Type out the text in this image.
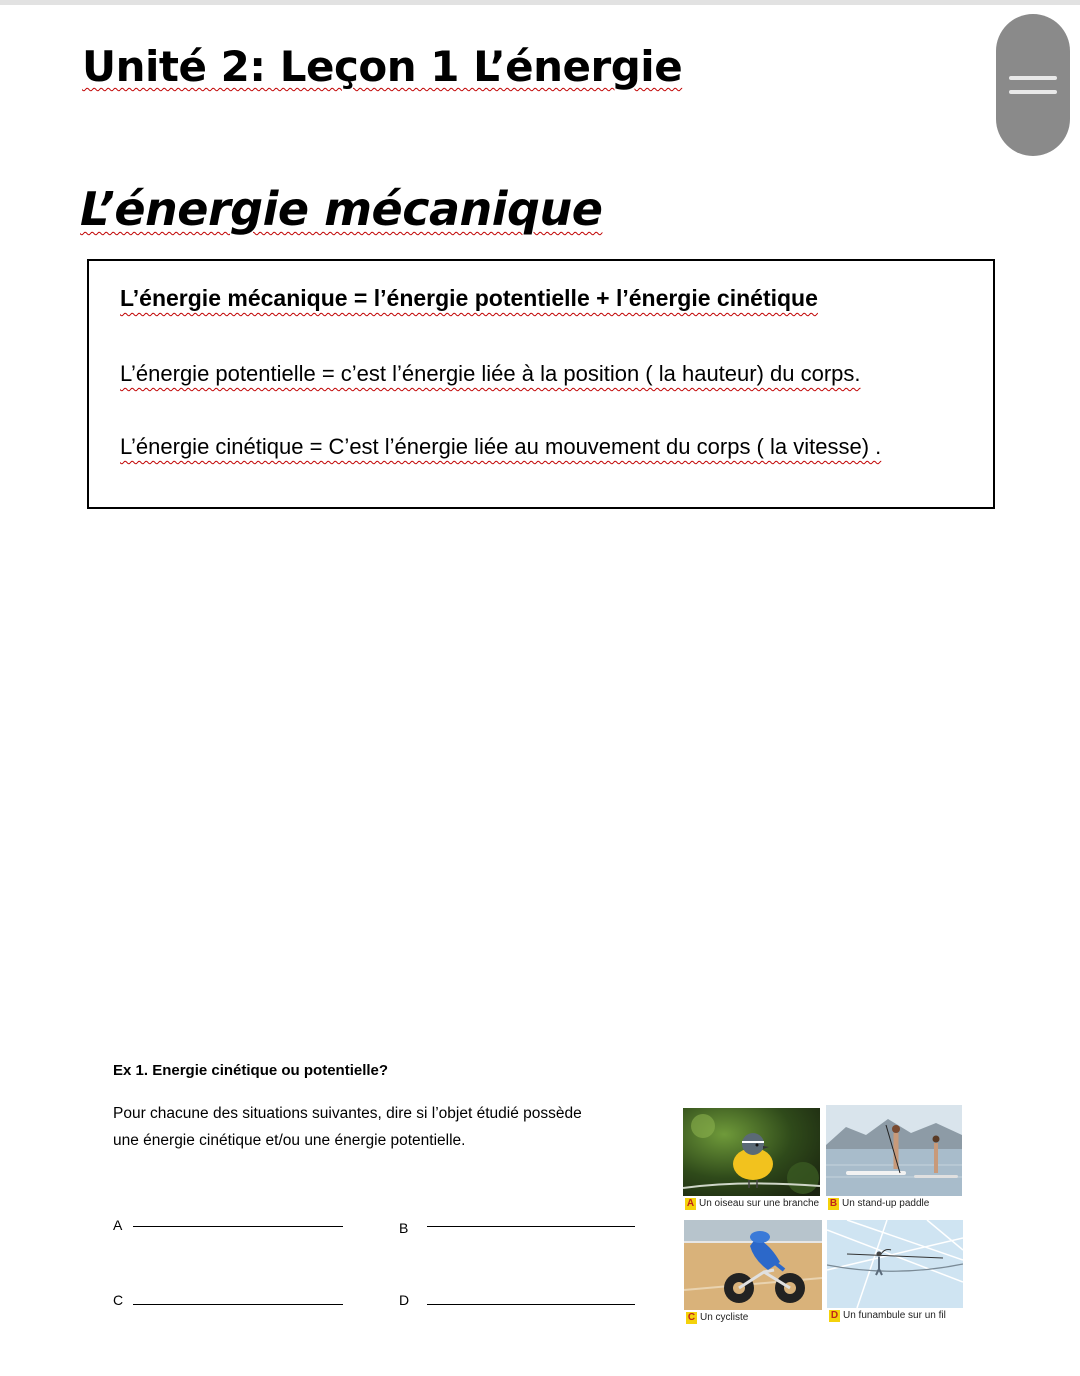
Unité 2: Leçon 1 L’énergie
L’énergie mécanique

L’énergie mécanique = l’énergie potentielle + l’énergie cinétique

L’énergie potentielle = c’est l’énergie liée à la position ( la hauteur) du corps.

L’énergie cinétique = C’est l’énergie liée au mouvement du corps ( la vitesse) .

Ex 1. Energie cinétique ou potentielle?

Pour chacune des situations suivantes, dire si l’objet étudié possède
une énergie cinétique et/ou une énergie potentielle.

A	B
C	D
A Un oiseau sur une branche B Un stand-up paddle
C Un cycliste	D Un funambule sur un fil
